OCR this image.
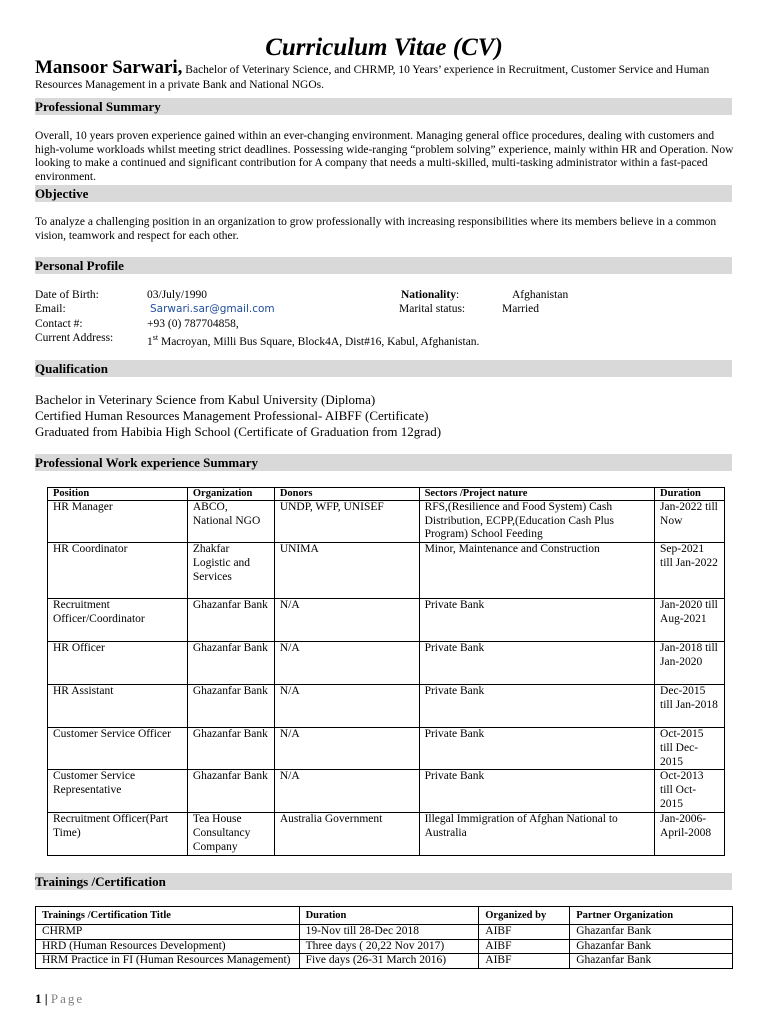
Curriculum Vitae (CV)
Mansoor Sarwari, Bachelor of Veterinary Science, and CHRMP, 10 Years’ experience in Recruitment, Customer Service and Human Resources Management in a private Bank and National NGOs.
Professional Summary
Overall, 10 years proven experience gained within an ever-changing environment. Managing general office procedures, dealing with customers and high-volume workloads whilst meeting strict deadlines. Possessing wide-ranging “problem solving” experience, mainly within HR and Operation. Now looking to make a continued and significant contribution for A company that needs a multi-skilled, multi-tasking administrator within a fast-paced environment.
Objective
To analyze a challenging position in an organization to grow professionally with increasing responsibilities where its members believe in a common vision, teamwork and respect for each other.
Personal Profile
Date of Birth:	03/July/1990
Email:	Sarwari.sar@gmail.com
Contact #:	+93 (0) 787704858,
Current Address:	1st Macroyan, Milli Bus Square, Block4A, Dist#16, Kabul, Afghanistan.
Nationality:	Afghanistan
Marital status:	Married
Qualification
Bachelor in Veterinary Science from Kabul University (Diploma)
Certified Human Resources Management Professional- AIBFF (Certificate)
Graduated from Habibia High School (Certificate of Graduation from 12grad)
Professional Work experience Summary
Position	Organization	Donors	Sectors /Project nature	Duration
HR Manager	ABCO, National NGO	UNDP, WFP, UNISEF	RFS,(Resilience and Food System) Cash Distribution, ECPP,(Education Cash Plus Program) School Feeding	Jan-2022 till Now
HR Coordinator	Zhakfar Logistic and Services	UNIMA	Minor, Maintenance and Construction	Sep-2021 till Jan-2022
Recruitment Officer/Coordinator	Ghazanfar Bank	N/A	Private Bank	Jan-2020 till Aug-2021
HR Officer	Ghazanfar Bank	N/A	Private Bank	Jan-2018 till Jan-2020
HR Assistant	Ghazanfar Bank	N/A	Private Bank	Dec-2015 till Jan-2018
Customer Service Officer	Ghazanfar Bank	N/A	Private Bank	Oct-2015 till Dec-2015
Customer Service Representative	Ghazanfar Bank	N/A	Private Bank	Oct-2013 till Oct-2015
Recruitment Officer(Part Time)	Tea House Consultancy Company	Australia Government	Illegal Immigration of Afghan National to Australia	Jan-2006-April-2008
Trainings /Certification
Trainings /Certification Title	Duration	Organized by	Partner Organization
CHRMP	19-Nov till 28-Dec 2018	AIBF	Ghazanfar Bank
HRD (Human Resources Development)	Three days ( 20,22 Nov 2017)	AIBF	Ghazanfar Bank
HRM Practice in FI (Human Resources Management)	Five days (26-31 March 2016)	AIBF	Ghazanfar Bank
1 | Page
